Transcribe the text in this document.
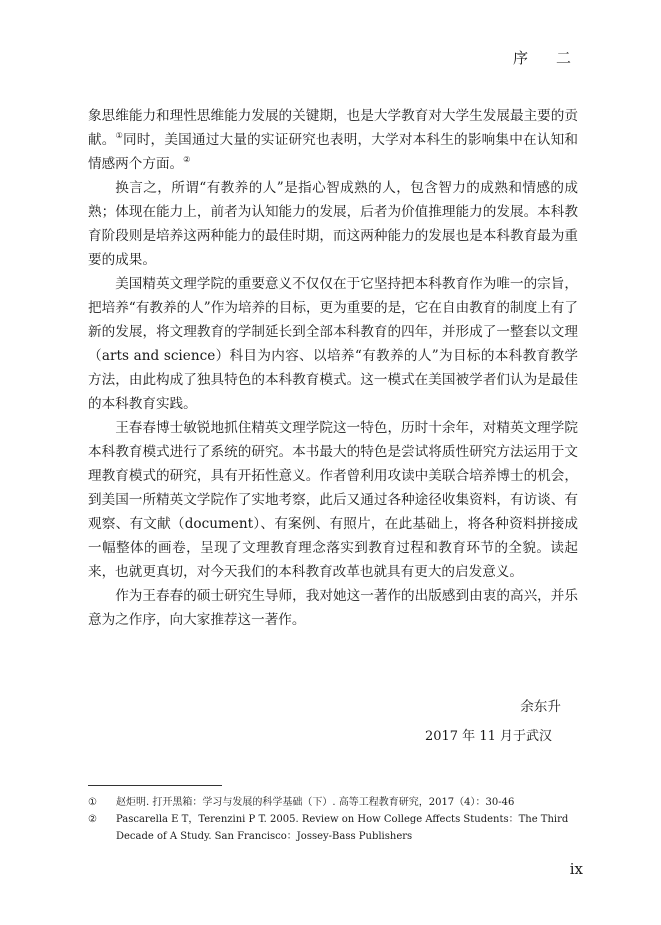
序 二

象思维能力和理性思维能力发展的关键期，也是大学教育对大学生发展最主要的贡献。①同时，美国通过大量的实证研究也表明，大学对本科生的影响集中在认知和情感两个方面。②

换言之，所谓“有教养的人”是指心智成熟的人，包含智力的成熟和情感的成熟；体现在能力上，前者为认知能力的发展，后者为价值推理能力的发展。本科教育阶段则是培养这两种能力的最佳时期，而这两种能力的发展也是本科教育最为重要的成果。

美国精英文理学院的重要意义不仅仅在于它坚持把本科教育作为唯一的宗旨，把培养“有教养的人”作为培养的目标，更为重要的是，它在自由教育的制度上有了新的发展，将文理教育的学制延长到全部本科教育的四年，并形成了一整套以文理（arts and science）科目为内容、以培养“有教养的人”为目标的本科教育教学方法，由此构成了独具特色的本科教育模式。这一模式在美国被学者们认为是最佳的本科教育实践。

王春春博士敏锐地抓住精英文理学院这一特色，历时十余年，对精英文理学院本科教育模式进行了系统的研究。本书最大的特色是尝试将质性研究方法运用于文理教育模式的研究，具有开拓性意义。作者曾利用攻读中美联合培养博士的机会，到美国一所精英文学院作了实地考察，此后又通过各种途径收集资料，有访谈、有观察、有文献（document）、有案例、有照片，在此基础上，将各种资料拼接成一幅整体的画卷，呈现了文理教育理念落实到教育过程和教育环节的全貌。读起来，也就更真切，对今天我们的本科教育改革也就具有更大的启发意义。

作为王春春的硕士研究生导师，我对她这一著作的出版感到由衷的高兴，并乐意为之作序，向大家推荐这一著作。

余东升
2017 年 11 月于武汉
①	赵炬明. 打开黑箱：学习与发展的科学基础（下）. 高等工程教育研究，2017（4）：30-46
②	Pascarella E T，Terenzini P T. 2005. Review on How College Affects Students：The Third Decade of A Study. San Francisco：Jossey-Bass Publishers
ix
